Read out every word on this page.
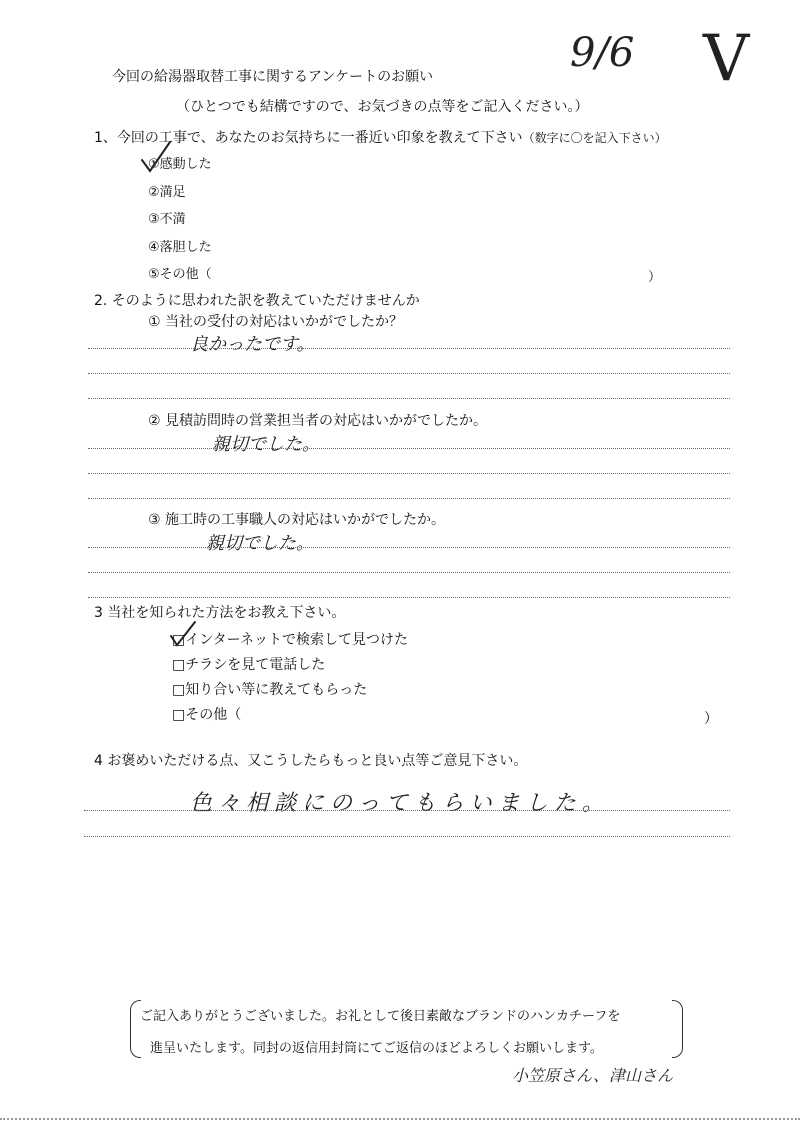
9/6 V
今回の給湯器取替工事に関するアンケートのお願い
（ひとつでも結構ですので、お気づきの点等をご記入ください。）
1、今回の工事で、あなたのお気持ちに一番近い印象を教えて下さい（数字に〇を記入下さい）
①感動した
②満足
③不満
④落胆した
⑤その他（	）
2. そのように思われた訳を教えていただけませんか
① 当社の受付の対応はいかがでしたか？
良かったです。
② 見積訪問時の営業担当者の対応はいかがでしたか。
親切でした。
③ 施工時の工事職人の対応はいかがでしたか。
親切でした。
3 当社を知られた方法をお教え下さい。
□インターネットで検索して見つけた
□チラシを見て電話した
□知り合い等に教えてもらった
□その他（	）
4 お褒めいただける点、又こうしたらもっと良い点等ご意見下さい。
色々相談にのってもらいました。
ご記入ありがとうございました。お礼として後日素敵なブランドのハンカチーフを
進呈いたします。同封の返信用封筒にてご返信のほどよろしくお願いします。
小笠原さん、津山さん
